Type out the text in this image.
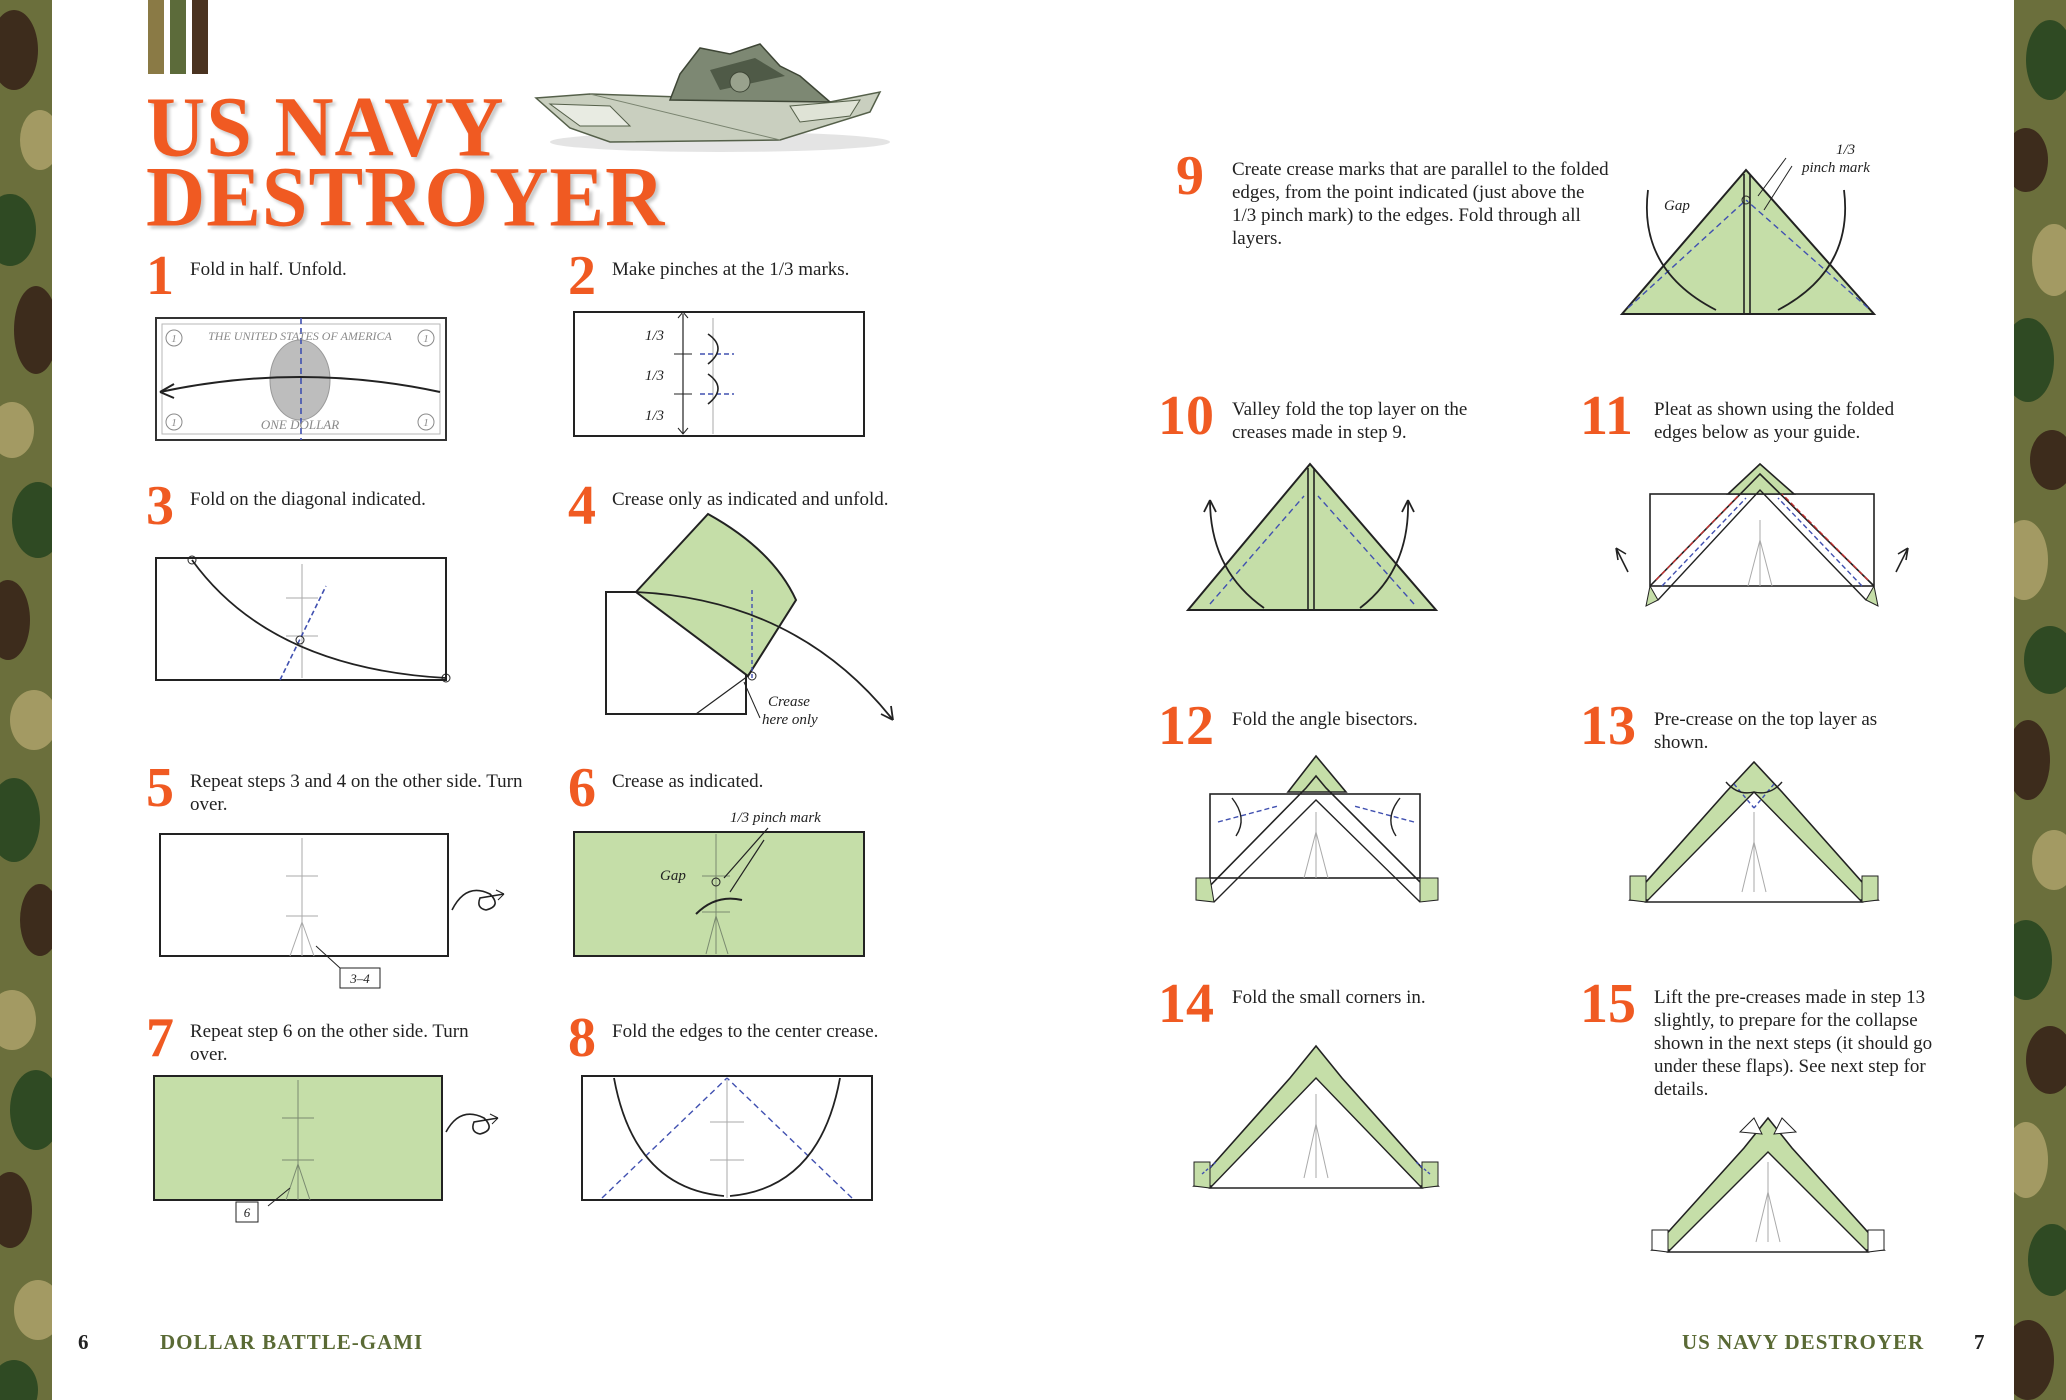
US NAVY
DESTROYER
1 Fold in half. Unfold.
THE UNITED STATES OF AMERICA
ONE DOLLAR
1	1
1	1
2 Make pinches at the 1/3 marks.
1/3
1/3
1/3
3 Fold on the diagonal indicated.	4 Crease only as indicated and unfold.
Crease
here only
5 Repeat steps 3 and 4 on the other side. Turn over.
3–4
6 Crease as indicated.
1/3 pinch mark
Gap
7 Repeat step 6 on the other side. Turn over.
6
8 Fold the edges to the center crease.
9 Create crease marks that are parallel to the folded edges, from the point indicated (just above the 1/3 pinch mark) to the edges. Fold through all layers.
1/3
pinch mark
Gap
10 Valley fold the top layer on the creases made in step 9.	11 Pleat as shown using the folded edges below as your guide.
12 Fold the angle bisectors.	13 Pre-crease on the top layer as shown.
14 Fold the small corners in.	15 Lift the pre-creases made in step 13 slightly, to prepare for the collapse shown in the next steps (it should go under these flaps). See next step for details.
6	DOLLAR BATTLE-GAMI	US NAVY DESTROYER 7
